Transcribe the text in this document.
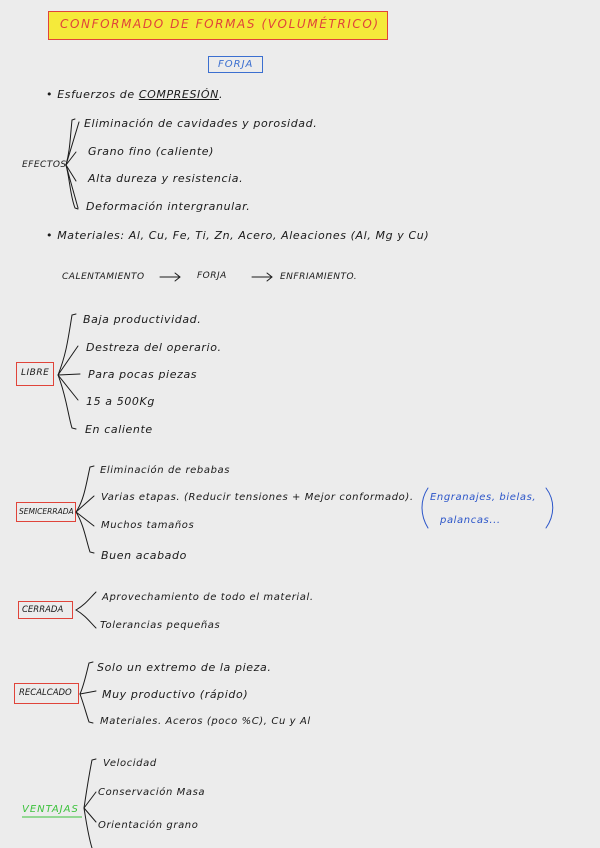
CONFORMADO DE FORMAS (VOLUMÉTRICO)
FORJA
• Esfuerzos de COMPRESIÓN.
EFECTOS
Eliminación de cavidades y porosidad.
Grano fino (caliente)
Alta dureza y resistencia.
Deformación intergranular.
• Materiales: Al, Cu, Fe, Ti, Zn, Acero, Aleaciones (Al, Mg y Cu)
CALENTAMIENTO	FORJA	ENFRIAMIENTO.
LIBRE
Baja productividad.
Destreza del operario.
Para pocas piezas
15 a 500Kg
En caliente
SEMICERRADA
Eliminación de rebabas
Varias etapas. (Reducir tensiones + Mejor conformado).
Muchos tamaños
Buen acabado
Engranajes, bielas,
palancas...
CERRADA
Aprovechamiento de todo el material.
Tolerancias pequeñas
RECALCADO
Solo un extremo de la pieza.
Muy productivo (rápido)
Materiales. Aceros (poco %C), Cu y Al
VENTAJAS
Velocidad
Conservación Masa
Orientación grano
